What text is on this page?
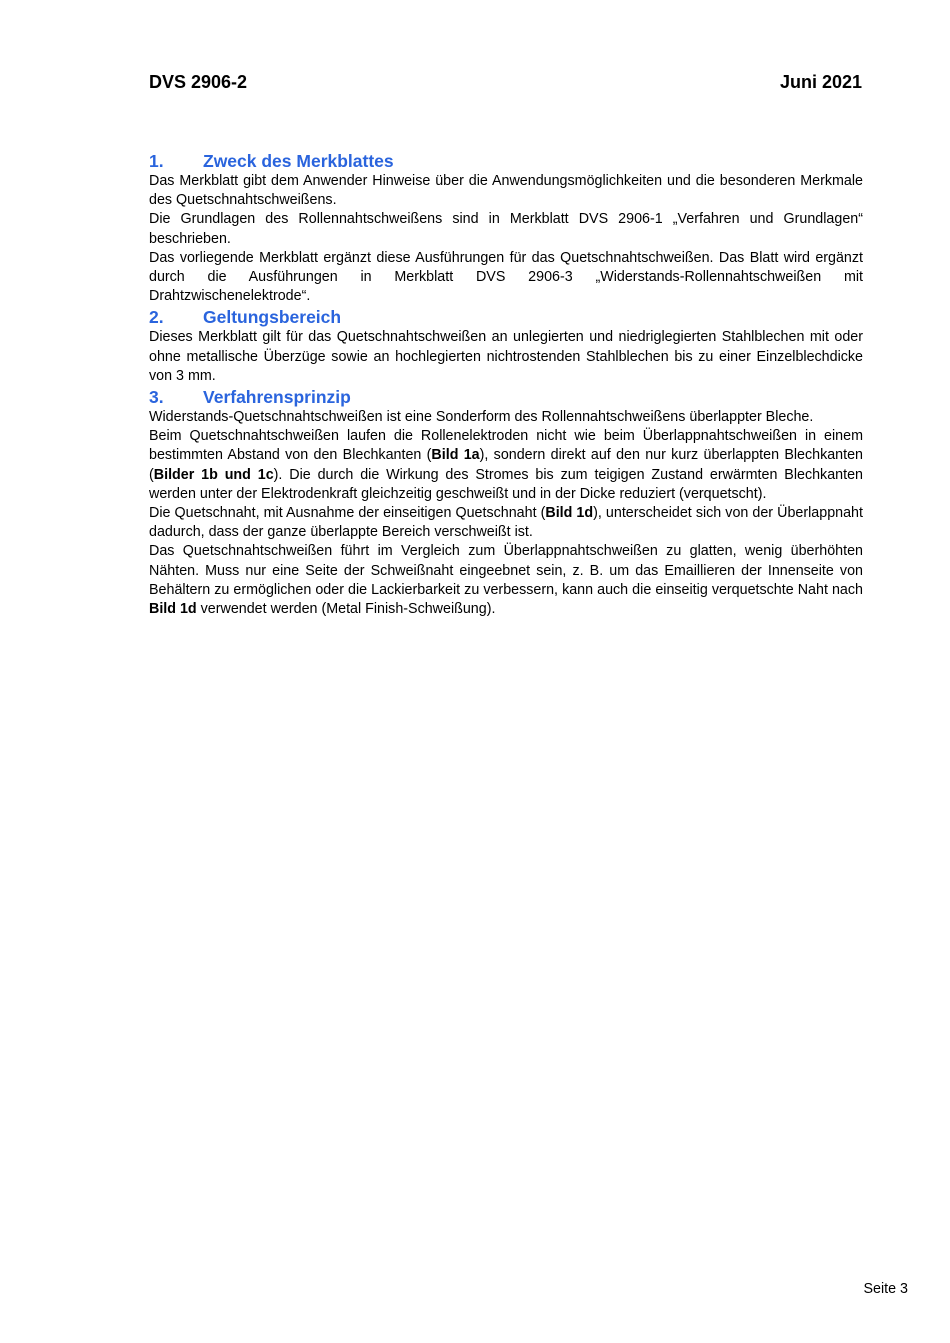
DVS 2906-2	Juni 2021
1.	Zweck des Merkblattes

Das Merkblatt gibt dem Anwender Hinweise über die Anwendungsmöglichkeiten und die besonderen Merkmale des Quetschnahtschweißens.

Die Grundlagen des Rollennahtschweißens sind in Merkblatt DVS 2906-1 „Verfahren und Grundlagen“ beschrieben.

Das vorliegende Merkblatt ergänzt diese Ausführungen für das Quetschnahtschweißen. Das Blatt wird ergänzt durch die Ausführungen in Merkblatt DVS 2906-3 „Widerstands-Rollennahtschweißen mit Drahtzwischenelektrode“.

2.	Geltungsbereich

Dieses Merkblatt gilt für das Quetschnahtschweißen an unlegierten und niedriglegierten Stahlblechen mit oder ohne metallische Überzüge sowie an hochlegierten nichtrostenden Stahlblechen bis zu einer Einzelblechdicke von 3 mm.

3.	Verfahrensprinzip

Widerstands-Quetschnahtschweißen ist eine Sonderform des Rollennahtschweißens überlappter Bleche.

Beim Quetschnahtschweißen laufen die Rollenelektroden nicht wie beim Überlappnahtschweißen in einem bestimmten Abstand von den Blechkanten (Bild 1a), sondern direkt auf den nur kurz überlappten Blechkanten (Bilder 1b und 1c). Die durch die Wirkung des Stromes bis zum teigigen Zustand erwärmten Blechkanten werden unter der Elektrodenkraft gleichzeitig geschweißt und in der Dicke reduziert (verquetscht).

Die Quetschnaht, mit Ausnahme der einseitigen Quetschnaht (Bild 1d), unterscheidet sich von der Überlappnaht dadurch, dass der ganze überlappte Bereich verschweißt ist.

Das Quetschnahtschweißen führt im Vergleich zum Überlappnahtschweißen zu glatten, wenig überhöhten Nähten. Muss nur eine Seite der Schweißnaht eingeebnet sein, z. B. um das Emaillieren der Innenseite von Behältern zu ermöglichen oder die Lackierbarkeit zu verbessern, kann auch die einseitig verquetschte Naht nach Bild 1d verwendet werden (Metal Finish-Schweißung).

Seite 3
